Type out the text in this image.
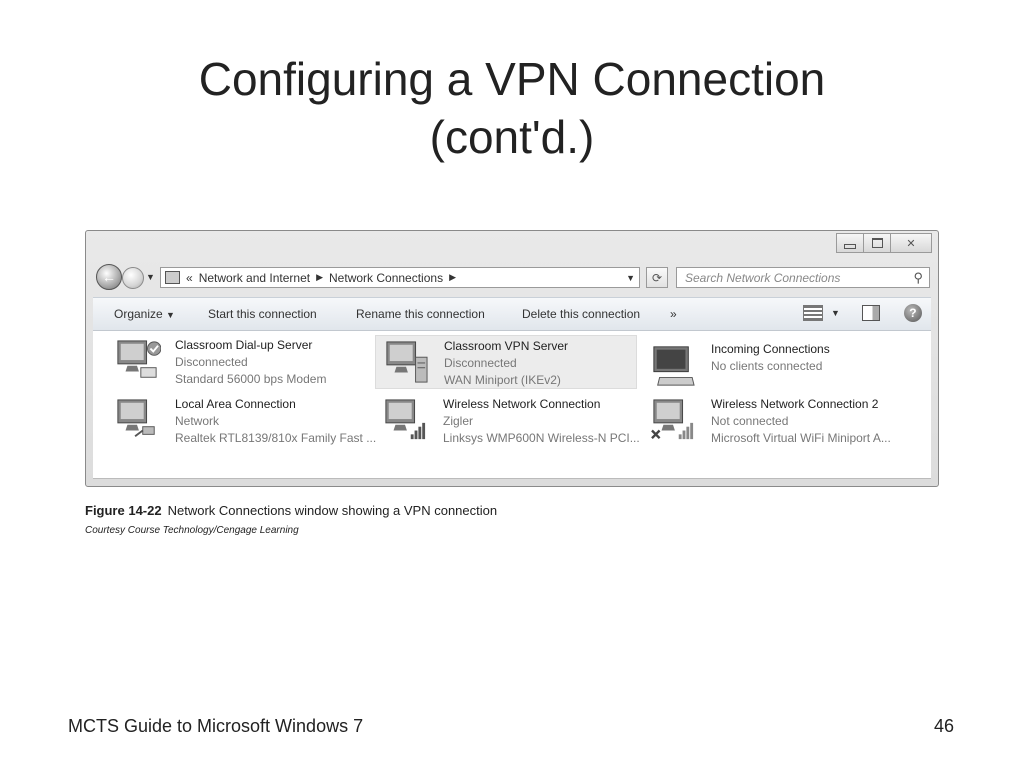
Configuring a VPN Connection
(cont'd.)
✕
←	▼	« Network and Internet ▶ Network Connections ▶	▼ ⟳ Search Network Connections	⚲
Organize ▼	Start this connection	Rename this connection	Delete this connection »	▼	?
Classroom Dial-up Server
Disconnected
Standard 56000 bps Modem
Classroom VPN Server
Disconnected
WAN Miniport (IKEv2)
Incoming Connections
No clients connected
Local Area Connection
Network
Realtek RTL8139/810x Family Fast ...
Wireless Network Connection
Zigler
Linksys WMP600N Wireless-N PCI...
Wireless Network Connection 2
Not connected
Microsoft Virtual WiFi Miniport A...
Figure 14-22 Network Connections window showing a VPN connection
Courtesy Course Technology/Cengage Learning
MCTS Guide to Microsoft Windows 7	46
